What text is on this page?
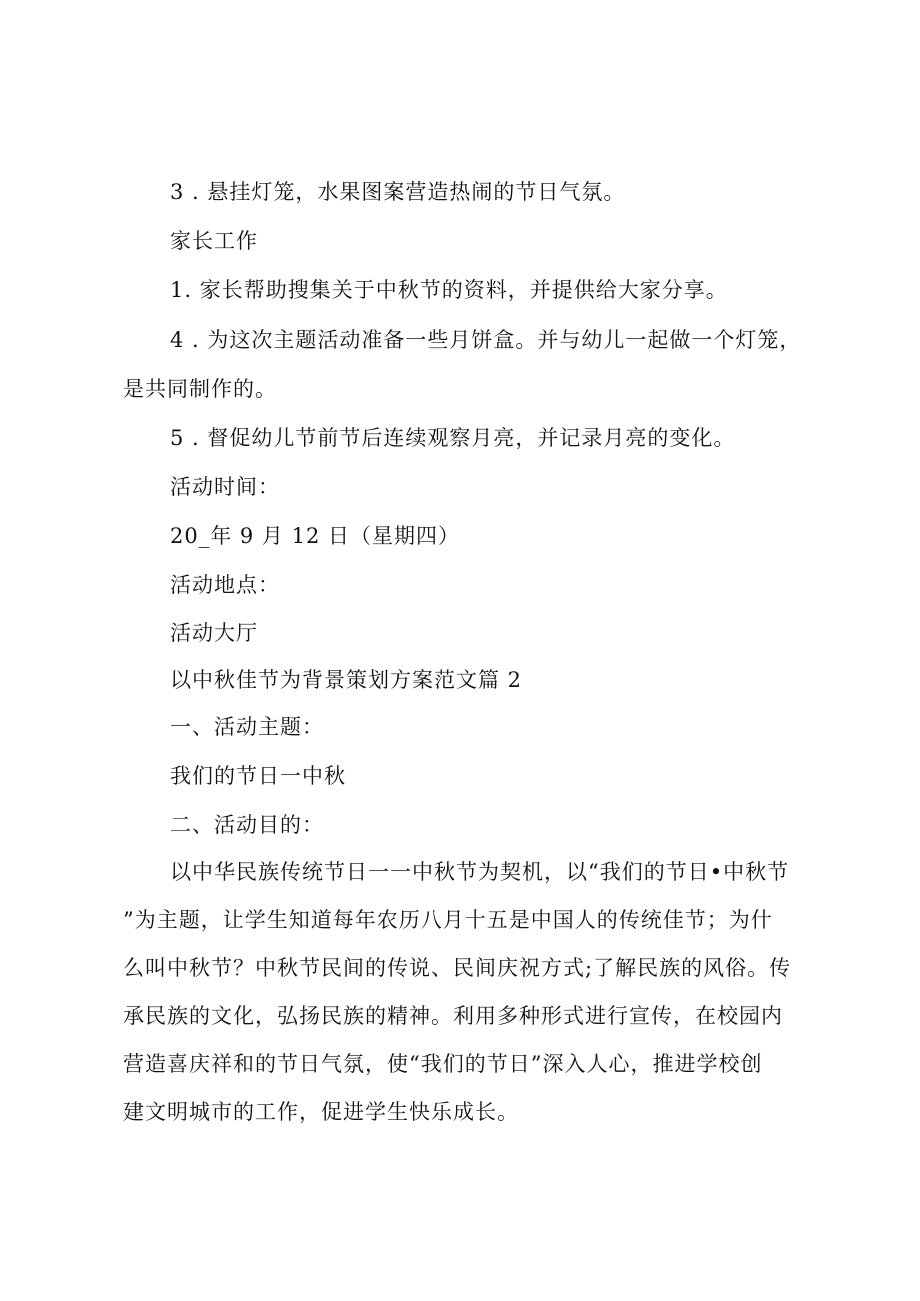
3 . 悬挂灯笼，水果图案营造热闹的节日气氛。
家长工作
1. 家长帮助搜集关于中秋节的资料，并提供给大家分享。
4 . 为这次主题活动准备一些月饼盒。并与幼儿一起做一个灯笼，
是共同制作的。
5 . 督促幼儿节前节后连续观察月亮，并记录月亮的变化。
活动时间：
20_年 9 月 12 日（星期四）
活动地点：
活动大厅
以中秋佳节为背景策划方案范文篇 2
一、活动主题：
我们的节日一中秋
二、活动目的：
以中华民族传统节日一一中秋节为契机，以“我们的节日•中秋节
”为主题，让学生知道每年农历八月十五是中国人的传统佳节；为什
么叫中秋节？中秋节民间的传说、民间庆祝方式;了解民族的风俗。传
承民族的文化，弘扬民族的精神。利用多种形式进行宣传，在校园内
营造喜庆祥和的节日气氛，使“我们的节日”深入人心，推进学校创
建文明城市的工作，促进学生快乐成长。
